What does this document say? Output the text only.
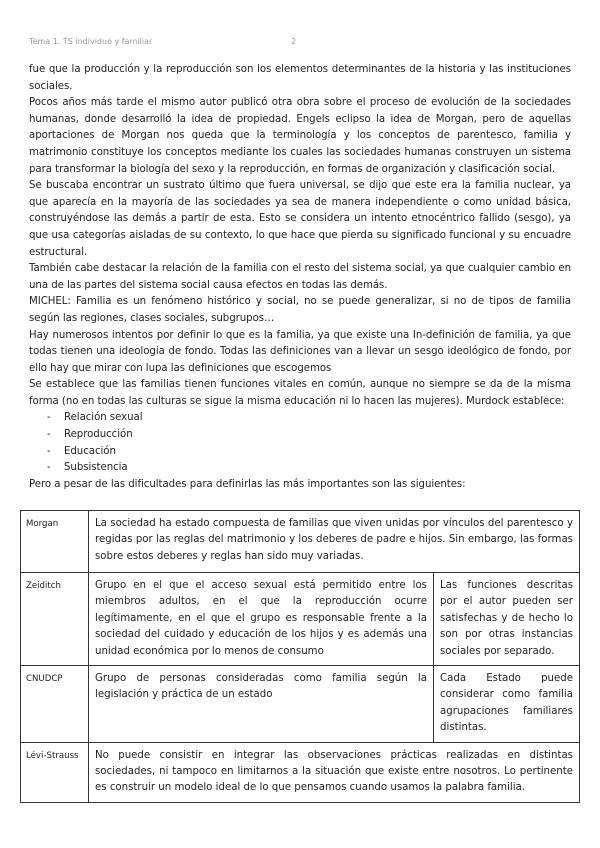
Tema 1. TS individuo y familiar	2

fue que la producción y la reproducción son los elementos determinantes de la historia y las instituciones sociales.

Pocos años más tarde el mismo autor publicó otra obra sobre el proceso de evolución de la sociedades humanas, donde desarrolló la idea de propiedad. Engels eclipso la idea de Morgan, pero de aquellas aportaciones de Morgan nos queda que la terminología y los conceptos de parentesco, familia y matrimonio constituye los conceptos mediante los cuales las sociedades humanas construyen un sistema para transformar la biología del sexo y la reproducción, en formas de organización y clasificación social.

Se buscaba encontrar un sustrato último que fuera universal, se dijo que este era la familia nuclear, ya que aparecía en la mayoría de las sociedades ya sea de manera independiente o como unidad básica, construyéndose las demás a partir de esta. Esto se considera un intento etnocéntrico fallido (sesgo), ya que usa categorías aisladas de su contexto, lo que hace que pierda su significado funcional y su encuadre estructural.

También cabe destacar la relación de la familia con el resto del sistema social, ya que cualquier cambio en una de las partes del sistema social causa efectos en todas las demás.

MICHEL: Familia es un fenómeno histórico y social, no se puede generalizar, si no de tipos de familia según las regiones, clases sociales, subgrupos…

Hay numerosos intentos por definir lo que es la familia, ya que existe una In-definición de familia, ya que todas tienen una ideología de fondo. Todas las definiciones van a llevar un sesgo ideológico de fondo, por ello hay que mirar con lupa las definiciones que escogemos

Se establece que las familias tienen funciones vitales en común, aunque no siempre se da de la misma forma (no en todas las culturas se sigue la misma educación ni lo hacen las mujeres). Murdock establece:

- Relación sexual
- Reproducción
- Educación
- Subsistencia

Pero a pesar de las dificultades para definirlas las más importantes son las siguientes:

Morgan	La sociedad ha estado compuesta de familias que viven unidas por vínculos del parentesco y regidas por las reglas del matrimonio y los deberes de padre e hijos. Sin embargo, las formas sobre estos deberes y reglas han sido muy variadas.	
Zeiditch	Grupo en el que el acceso sexual está permitido entre los miembros adultos, en el que la reproducción ocurre legítimamente, en el que el grupo es responsable frente a la sociedad del cuidado y educación de los hijos y es además una unidad económica por lo menos de consumo	Las funciones descritas por el autor pueden ser satisfechas y de hecho lo son por otras instancias sociales por separado.
CNUDCP	Grupo de personas consideradas como familia según la legislación y práctica de un estado	Cada Estado puede considerar como familia agrupaciones familiares distintas.
Lévi-Strauss	No puede consistir en integrar las observaciones prácticas realizadas en distintas sociedades, ni tampoco en limitarnos a la situación que existe entre nosotros. Lo pertinente es construir un modelo ideal de lo que pensamos cuando usamos la palabra familia.	
